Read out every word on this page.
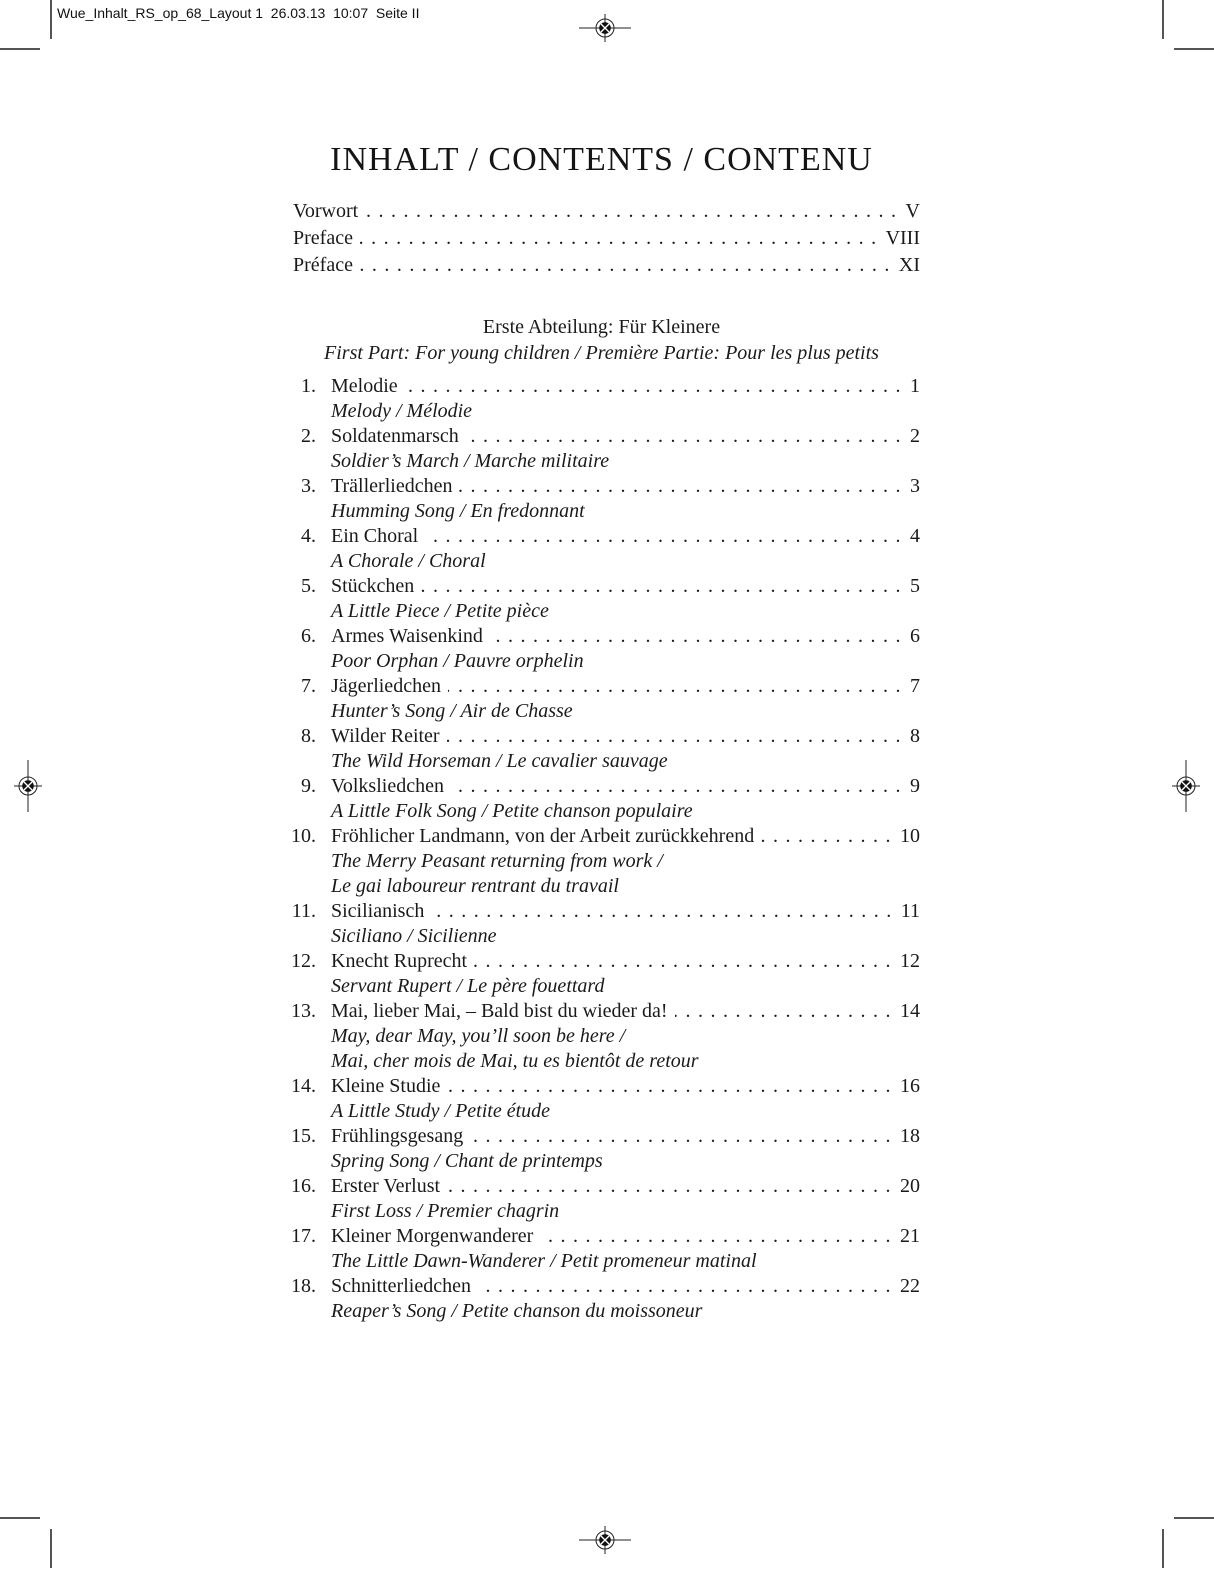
Wue_Inhalt_RS_op_68_Layout 1  26.03.13  10:07  Seite II
INHALT / CONTENTS / CONTENU
Vorwort .....	V
Preface .....	VIII
Préface .....	XI
Erste Abteilung: Für Kleinere
First Part: For young children / Première Partie: Pour les plus petits
1. Melodie .....	1
Melody / Mélodie
2. Soldatenmarsch .....	2
Soldier’s March / Marche militaire
3. Trällerliedchen .....	3
Humming Song / En fredonnant
4. Ein Choral .....	4
A Chorale / Choral
5. Stückchen .....	5
A Little Piece / Petite pièce
6. Armes Waisenkind .....	6
Poor Orphan / Pauvre orphelin
7. Jägerliedchen .....	7
Hunter’s Song / Air de Chasse
8. Wilder Reiter .....	8
The Wild Horseman / Le cavalier sauvage
9. Volksliedchen .....	9
A Little Folk Song / Petite chanson populaire
10. Fröhlicher Landmann, von der Arbeit zurückkehrend .....	10
The Merry Peasant returning from work /
Le gai laboureur rentrant du travail
11. Sicilianisch .....	11
Siciliano / Sicilienne
12. Knecht Ruprecht .....	12
Servant Rupert / Le père fouettard
13. Mai, lieber Mai, – Bald bist du wieder da! .....	14
May, dear May, you’ll soon be here /
Mai, cher mois de Mai, tu es bientôt de retour
14. Kleine Studie .....	16
A Little Study / Petite étude
15. Frühlingsgesang .....	18
Spring Song / Chant de printemps
16. Erster Verlust .....	20
First Loss / Premier chagrin
17. Kleiner Morgenwanderer .....	21
The Little Dawn-Wanderer / Petit promeneur matinal
18. Schnitterliedchen .....	22
Reaper’s Song / Petite chanson du moissoneur
